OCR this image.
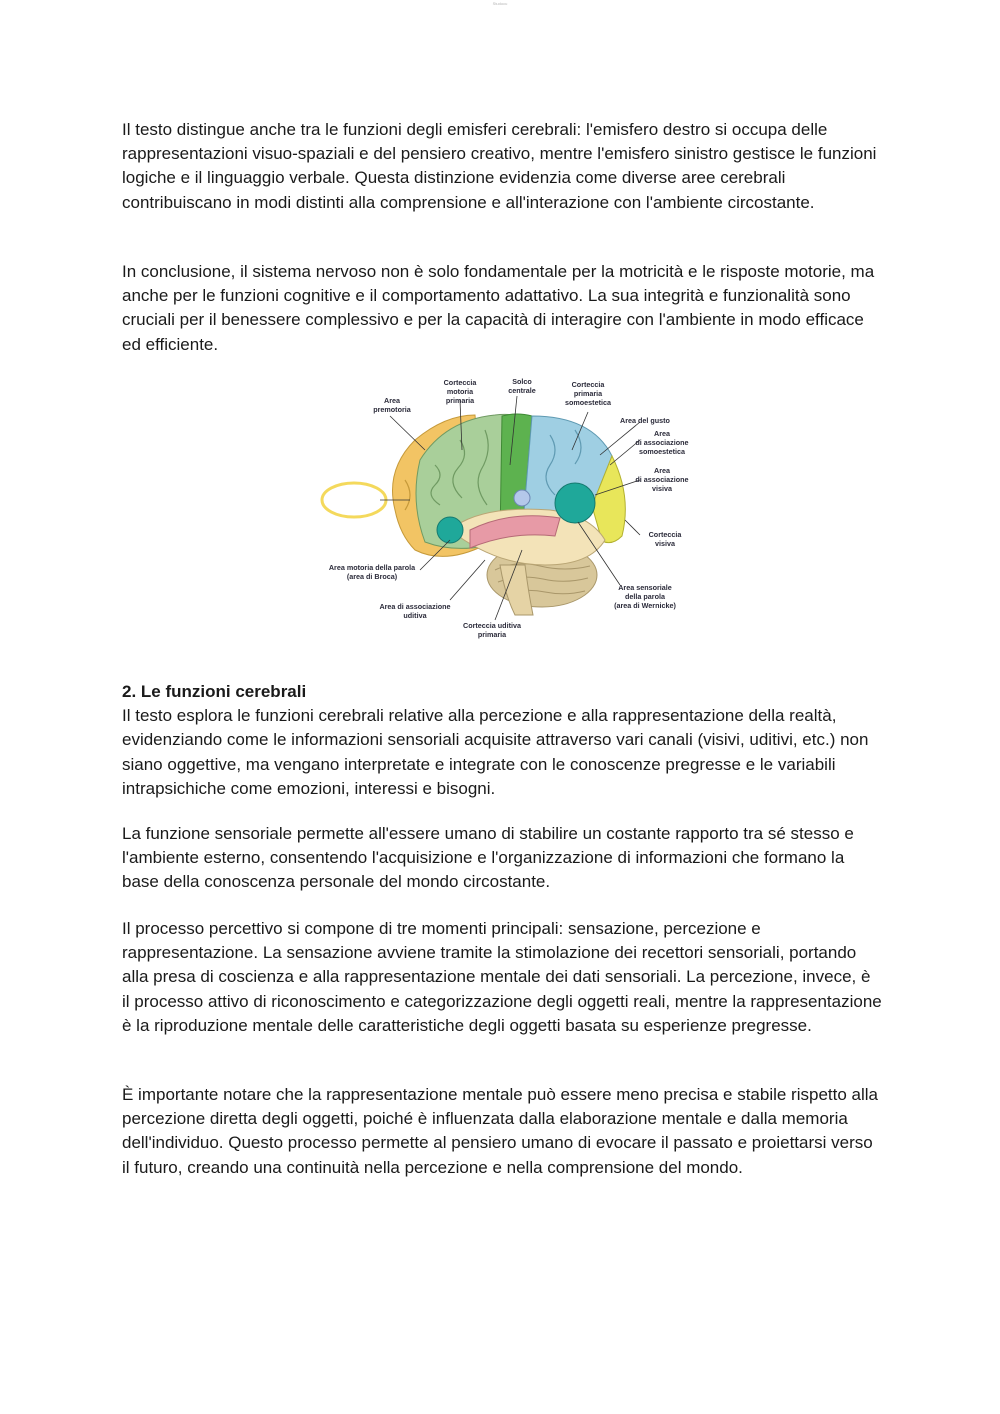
Studocu

Il testo distingue anche tra le funzioni degli emisferi cerebrali: l'emisfero destro si occupa delle rappresentazioni visuo-spaziali e del pensiero creativo, mentre l'emisfero sinistro gestisce le funzioni logiche e il linguaggio verbale. Questa distinzione evidenzia come diverse aree cerebrali contribuiscano in modi distinti alla comprensione e all'interazione con l'ambiente circostante.

In conclusione, il sistema nervoso non è solo fondamentale per la motricità e le risposte motorie, ma anche per le funzioni cognitive e il comportamento adattativo. La sua integrità e funzionalità sono cruciali per il benessere complessivo e per la capacità di interagire con l'ambiente in modo efficace ed efficiente.

Corteccia
motoria
primaria
Solco
centrale
Corteccia
primaria
somoestetica
Area
premotoria
Area del gusto
Area
di associazione
somoestetica
Area
di associazione
visiva
Corteccia
visiva
Area motoria della parola
(area di Broca)
Area sensoriale
della parola
(area di Wernicke)
Area di associazione
uditiva
Corteccia uditiva
primaria

2. Le funzioni cerebrali

Il testo esplora le funzioni cerebrali relative alla percezione e alla rappresentazione della realtà, evidenziando come le informazioni sensoriali acquisite attraverso vari canali (visivi, uditivi, etc.) non siano oggettive, ma vengano interpretate e integrate con le conoscenze pregresse e le variabili intrapsichiche come emozioni, interessi e bisogni.

La funzione sensoriale permette all'essere umano di stabilire un costante rapporto tra sé stesso e l'ambiente esterno, consentendo l'acquisizione e l'organizzazione di informazioni che formano la base della conoscenza personale del mondo circostante.

Il processo percettivo si compone di tre momenti principali: sensazione, percezione e rappresentazione. La sensazione avviene tramite la stimolazione dei recettori sensoriali, portando alla presa di coscienza e alla rappresentazione mentale dei dati sensoriali. La percezione, invece, è il processo attivo di riconoscimento e categorizzazione degli oggetti reali, mentre la rappresentazione è la riproduzione mentale delle caratteristiche degli oggetti basata su esperienze pregresse.

È importante notare che la rappresentazione mentale può essere meno precisa e stabile rispetto alla percezione diretta degli oggetti, poiché è influenzata dalla elaborazione mentale e dalla memoria dell'individuo. Questo processo permette al pensiero umano di evocare il passato e proiettarsi verso il futuro, creando una continuità nella percezione e nella comprensione del mondo.
